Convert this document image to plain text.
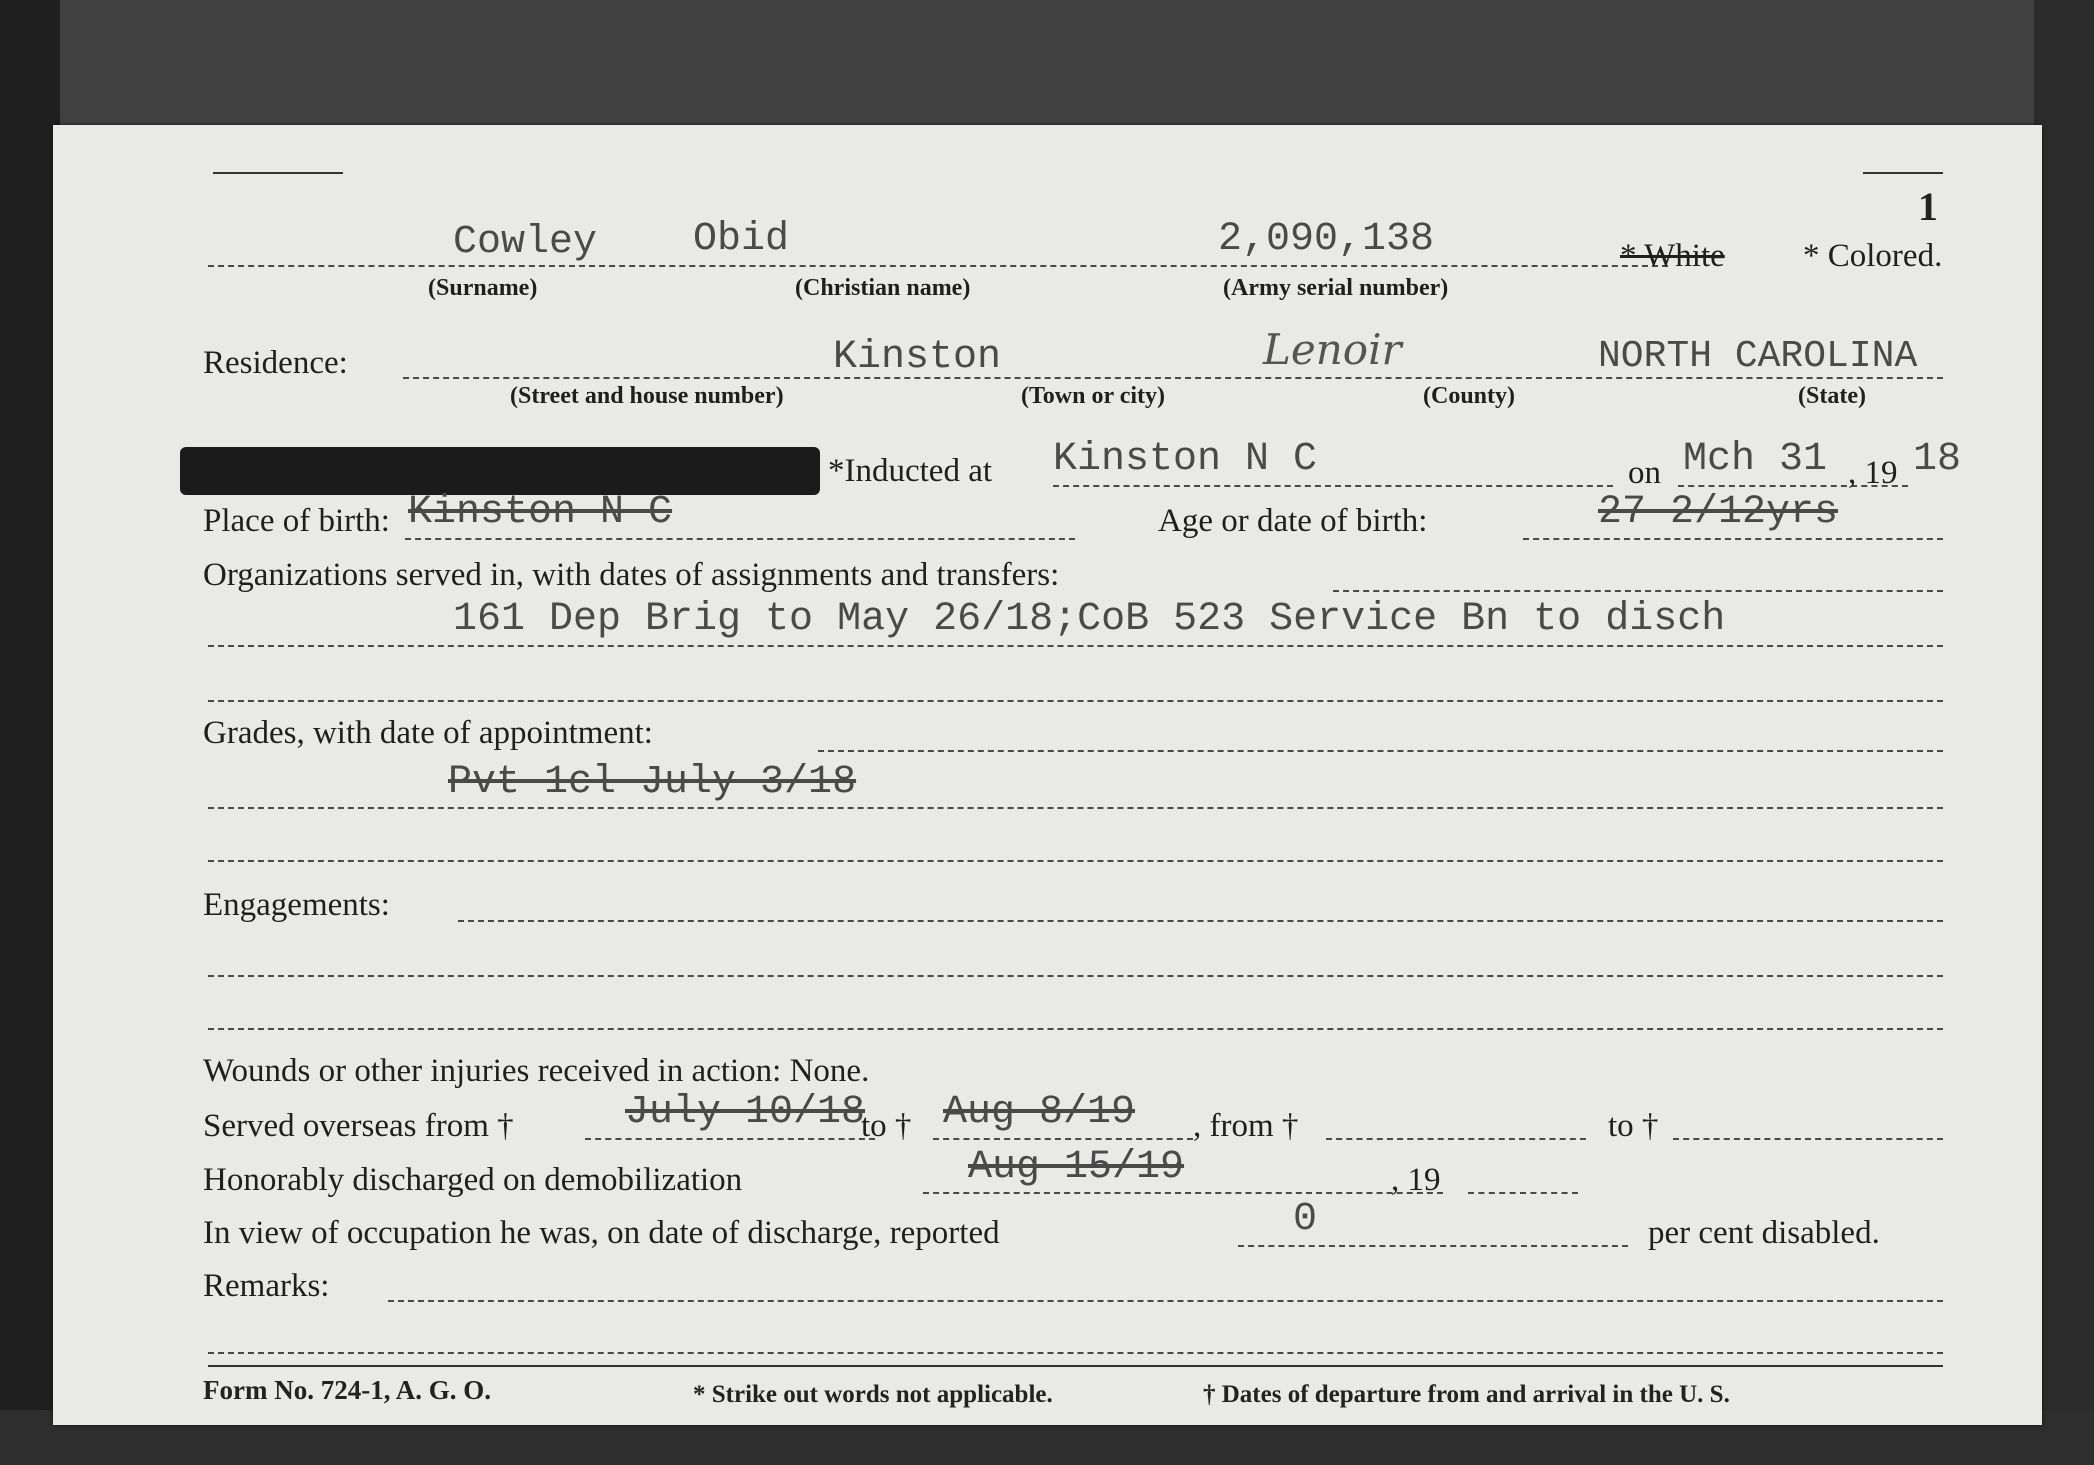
1
Cowley Obid	2,090,138	* White * Colored.
(Surname)	(Christian name)	(Army serial number)
Residence:	Kinston	Lenoir	NORTH CAROLINA
(Street and house number)	(Town or city)	(County)	(State)
*Inducted at Kinston N C	on Mch 31 , 19 18
Place of birth: Kinston N C	Age or date of birth:	27 2/12yrs
Organizations served in, with dates of assignments and transfers:
161 Dep Brig to May 26/18;CoB 523 Service Bn to disch
Grades, with date of appointment:
Pvt 1cl July 3/18
Engagements:
Wounds or other injuries received in action: None.
Served overseas from †	July 10/18
to † Aug 8/19 , from †	to †
Honorably discharged on demobilization	Aug 15/19	, 19
In view of occupation he was, on date of discharge, reported	0	per cent disabled.
Remarks:
Form No. 724-1, A. G. O.	* Strike out words not applicable.	† Dates of departure from and arrival in the U. S.
